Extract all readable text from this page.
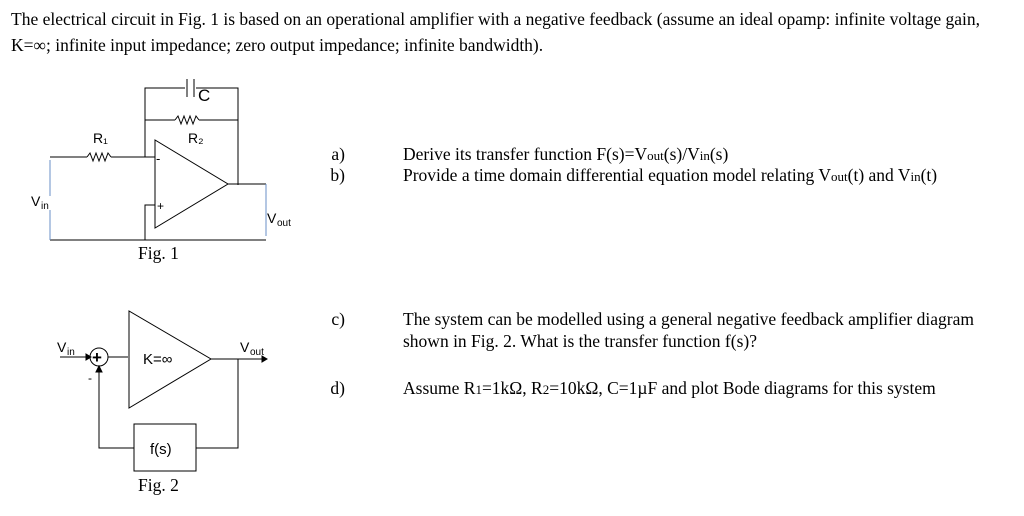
The electrical circuit in Fig. 1 is based on an operational amplifier with a negative feedback (assume an ideal opamp: infinite voltage gain, K=∞; infinite input impedance; zero output impedance; infinite bandwidth).

C
R₁	R₂
-
+
V in
V out
Fig. 1
V in +
-
K=∞
V out
f(s)
Fig. 2
a)	Derive its transfer function F(s)=Vout(s)/Vin(s)
b)	Provide a time domain differential equation model relating Vout(t) and Vin(t)
c)	The system can be modelled using a general negative feedback amplifier diagram shown in Fig. 2. What is the transfer function f(s)?
d)	Assume R1=1kΩ, R2=10kΩ, C=1µF and plot Bode diagrams for this system
